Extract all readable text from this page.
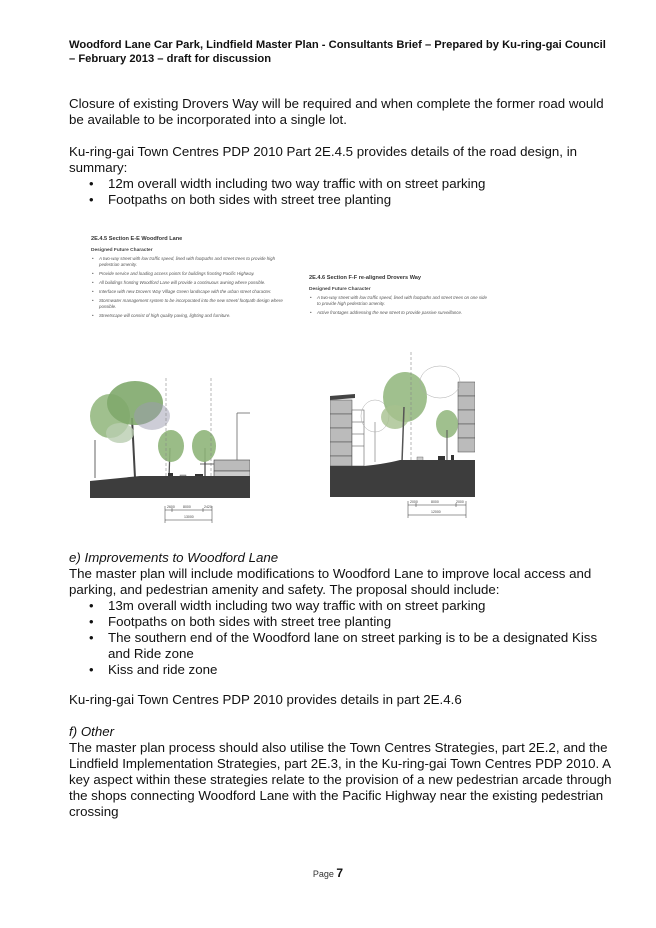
Woodford Lane Car Park, Lindfield Master Plan - Consultants Brief – Prepared by Ku-ring-gai Council
– February 2013 – draft for discussion
Closure of existing Drovers Way will be required and when complete the former road would be available to be incorporated into a single lot.
Ku-ring-gai Town Centres PDP 2010 Part 2E.4.5 provides details of the road design, in summary:
• 12m overall width including two way traffic with on street parking
• Footpaths on both sides with street tree planting
2E.4.5 Section E-E Woodford Lane
Designed Future Character
• A two-way street with low traffic speed, lined with footpaths and street trees to provide high pedestrian amenity.
• Provide service and loading access points for buildings fronting Pacific Highway.
• All buildings fronting Woodford Lane will provide a continuous awning where possible.
• Interface with new Drovers Way Village Green landscape with the urban street character.
• Stormwater management system to be incorporated into the new street/ footpath design where possible.
• Streetscape will consist of high quality paving, lighting and furniture.
2E.4.6 Section F-F re-aligned Drovers Way
Designed Future Character
• A two-way street with low traffic speed, lined with footpaths and street trees on one side to provide high pedestrian amenity.
• Active frontages addressing the new street to provide passive surveillance.
2600 8000	2420
13000
2000	8000	2000
12000
e) Improvements to Woodford Lane
The master plan will include modifications to Woodford Lane to improve local access and parking, and pedestrian amenity and safety. The proposal should include:
• 13m overall width including two way traffic with on street parking
• Footpaths on both sides with street tree planting
• The southern end of the Woodford lane on street parking is to be a designated Kiss and Ride zone
• Kiss and ride zone
Ku-ring-gai Town Centres PDP 2010 provides details in part 2E.4.6
f) Other
The master plan process should also utilise the Town Centres Strategies, part 2E.2, and the Lindfield Implementation Strategies, part 2E.3, in the Ku-ring-gai Town Centres PDP 2010. A key aspect within these strategies relate to the provision of a new pedestrian arcade through the shops connecting Woodford Lane with the Pacific Highway near the existing pedestrian crossing
Page 7
